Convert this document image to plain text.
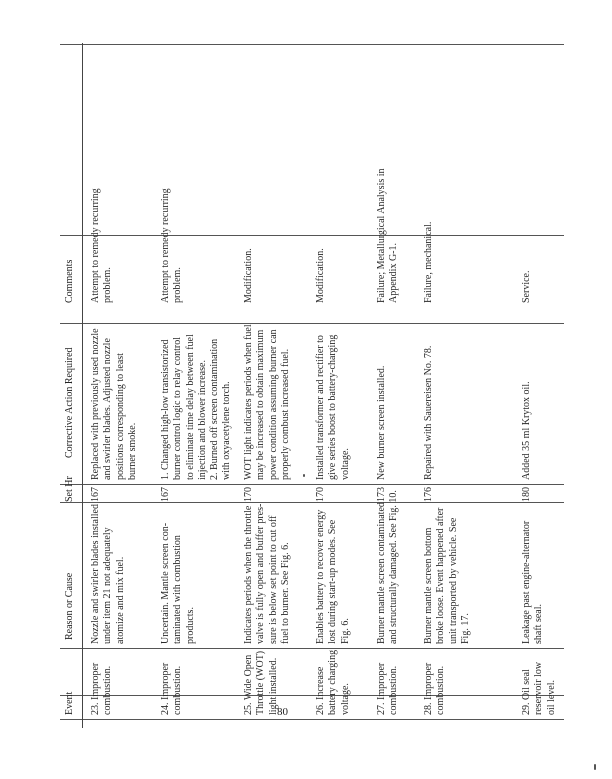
Event
Reason or Cause
Set Hr
Corrective Action Required
Comments
23. Improper
combustion.
Nozzle and swirler blades installed
under item 21 not adequately
atomize and mix fuel.
167
Replaced with previously used nozzle
and swirler blades. Adjusted nozzle
positions corresponding to least
burner smoke.
Attempt to remedy recurring
problem.
24. Improper
combustion.
Uncertain. Mantle screen con-
taminated with combustion
products.
167
1. Changed high-low transistorized
burner control logic to relay control
to eliminate time delay between fuel
injection and blower increase.
2. Burned off screen contamination
with oxyacetylene torch.
Attempt to remedy recurring
problem.
25. Wide Open
Throttle (WOT)
light installed.
Indicates periods when the throttle
valve is fully open and buffer pres-
sure is below set point to cut off
fuel to burner. See Fig. 6.
170
WOT light indicates periods when fuel
may be increased to obtain maximum
power condition assuming burner can
properly combust increased fuel.
Modification.
26. Increase
battery charging
voltage.
Enables battery to recover energy
lost during start-up modes. See
Fig. 6.
170
Installed transformer and rectifier to
give series boost to battery-charging
voltage.
Modification.
27. Improper
combustion.
Burner mantle screen contaminated
and structurally damaged. See Fig. 10.
173
New burner screen installed.
Failure; Metallurgical Analysis in
Appendix G-1.
28. Improper
combustion.
Burner mantle screen bottom
broke loose. Event happened after
unit transported by vehicle. See
Fig. 17.
176
Repaired with Sauereisen No. 78.
Failure, mechanical.
29. Oil seal
reservoir low
oil level.
Leakage past engine-alternator
shaft seal.
180
Added 35 ml Krytox oil.
Service.
80
